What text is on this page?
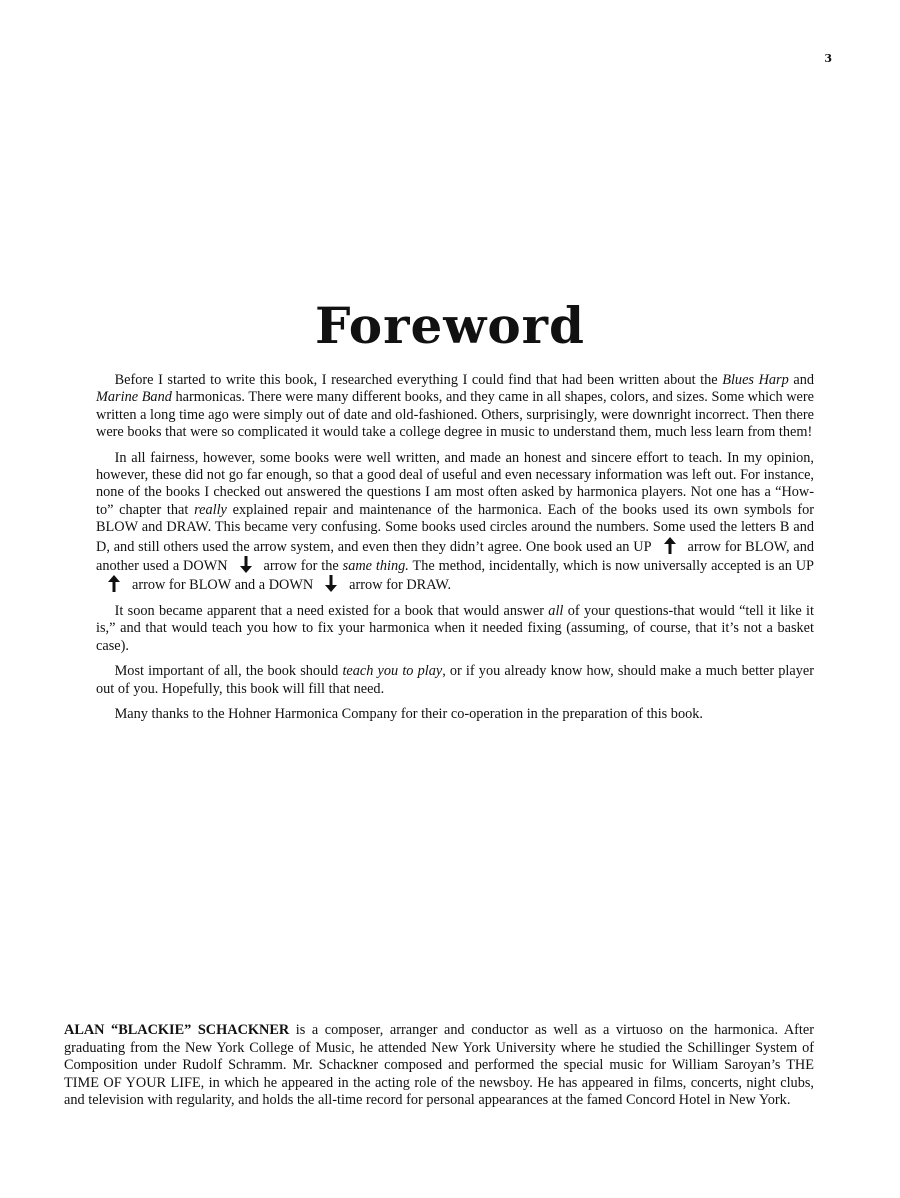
3
Foreword

Before I started to write this book, I researched everything I could find that had been written about the Blues Harp and Marine Band harmonicas. There were many different books, and they came in all shapes, colors, and sizes. Some which were written a long time ago were simply out of date and old-fashioned. Others, surprisingly, were downright incorrect. Then there were books that were so complicated it would take a college degree in music to understand them, much less learn from them!

In all fairness, however, some books were well written, and made an honest and sincere effort to teach. In my opinion, however, these did not go far enough, so that a good deal of useful and even necessary information was left out. For instance, none of the books I checked out answered the questions I am most often asked by harmonica players. Not one has a “How-to” chapter that really explained repair and maintenance of the harmonica. Each of the books used its own symbols for BLOW and DRAW. This became very confusing. Some books used circles around the numbers. Some used the letters B and D, and still others used the arrow system, and even then they didn’t agree. One book used an UP	arrow for BLOW, and another used a DOWN	arrow for the same thing. The method, incidentally, which is now universally accepted is an UP
arrow for BLOW and a DOWN	arrow for DRAW.

It soon became apparent that a need existed for a book that would answer all of your questions-that would “tell it like it is,” and that would teach you how to fix your harmonica when it needed fixing (assuming, of course, that it’s not a basket case).

Most important of all, the book should teach you to play, or if you already know how, should make a much better player out of you. Hopefully, this book will fill that need.

Many thanks to the Hohner Harmonica Company for their co-operation in the preparation of this book.

ALAN “BLACKIE” SCHACKNER is a composer, arranger and conductor as well as a virtuoso on the harmonica. After graduating from the New York College of Music, he attended New York University where he studied the Schillinger System of Composition under Rudolf Schramm. Mr. Schackner composed and performed the special music for William Saroyan’s THE TIME OF YOUR LIFE, in which he appeared in the acting role of the newsboy. He has appeared in films, concerts, night clubs, and television with regularity, and holds the all-time record for personal appearances at the famed Concord Hotel in New York.
